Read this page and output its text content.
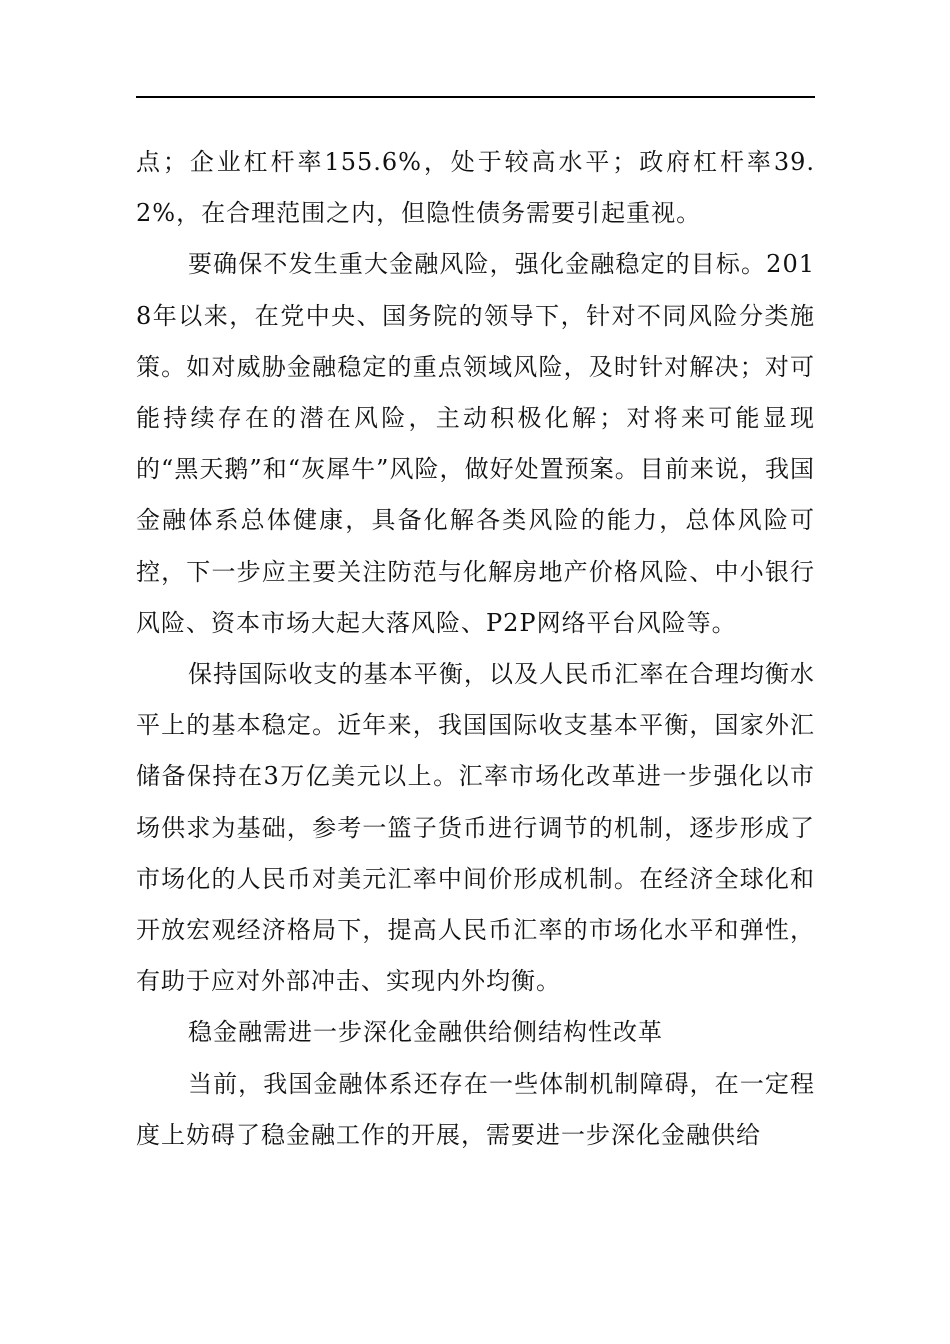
点；企业杠杆率155.6%，处于较高水平；政府杠杆率39.2%，在合理范围之内，但隐性债务需要引起重视。

要确保不发生重大金融风险，强化金融稳定的目标。2018年以来，在党中央、国务院的领导下，针对不同风险分类施策。如对威胁金融稳定的重点领域风险，及时针对解决；对可能持续存在的潜在风险，主动积极化解；对将来可能显现的“黑天鹅”和“灰犀牛”风险，做好处置预案。目前来说，我国金融体系总体健康，具备化解各类风险的能力，总体风险可控，下一步应主要关注防范与化解房地产价格风险、中小银行风险、资本市场大起大落风险、P2P网络平台风险等。

保持国际收支的基本平衡，以及人民币汇率在合理均衡水平上的基本稳定。近年来，我国国际收支基本平衡，国家外汇储备保持在3万亿美元以上。汇率市场化改革进一步强化以市场供求为基础，参考一篮子货币进行调节的机制，逐步形成了市场化的人民币对美元汇率中间价形成机制。在经济全球化和开放宏观经济格局下，提高人民币汇率的市场化水平和弹性，有助于应对外部冲击、实现内外均衡。

稳金融需进一步深化金融供给侧结构性改革

当前，我国金融体系还存在一些体制机制障碍，在一定程度上妨碍了稳金融工作的开展，需要进一步深化金融供给
